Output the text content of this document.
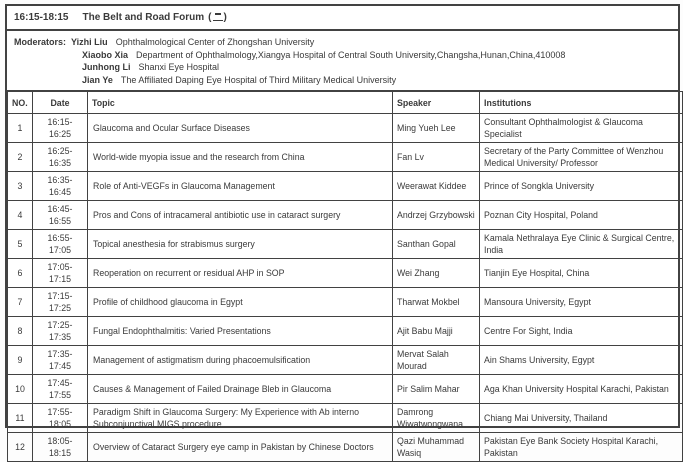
16:15-18:15 The Belt and Road Forum ( )
Moderators: Yizhi Liu Ophthalmological Center of Zhongshan University
Xiaobo Xia Department of Ophthalmology,Xiangya Hospital of Central South University,Changsha,Hunan,China,410008
Junhong Li Shanxi Eye Hospital
Jian Ye The Affiliated Daping Eye Hospital of Third Military Medical University
NO.	Date	Topic	Speaker	Institutions
1	16:15-16:25	Glaucoma and Ocular Surface Diseases	Ming Yueh Lee	Consultant Ophthalmologist & Glaucoma Specialist
2	16:25-16:35	World-wide myopia issue and the research from China	Fan Lv	Secretary of the Party Committee of Wenzhou Medical University/ Professor
3	16:35-16:45	Role of Anti-VEGFs in Glaucoma Management	Weerawat Kiddee	Prince of Songkla University
4	16:45-16:55	Pros and Cons of intracameral antibiotic use in cataract surgery	Andrzej Grzybowski	Poznan City Hospital, Poland
5	16:55-17:05	Topical anesthesia for strabismus surgery	Santhan Gopal	Kamala Nethralaya Eye Clinic & Surgical Centre, India
6	17:05-17:15	Reoperation on recurrent or residual AHP in SOP	Wei Zhang	Tianjin Eye Hospital, China
7	17:15-17:25	Profile of childhood glaucoma in Egypt	Tharwat Mokbel	Mansoura University, Egypt
8	17:25-17:35	Fungal Endophthalmitis: Varied Presentations	Ajit Babu Majji	Centre For Sight, India
9	17:35-17:45	Management of astigmatism during phacoemulsification	Mervat Salah Mourad	Ain Shams University, Egypt
10	17:45-17:55	Causes & Management of Failed Drainage Bleb in Glaucoma	Pir Salim Mahar	Aga Khan University Hospital Karachi, Pakistan
11	17:55-18:05	Paradigm Shift in Glaucoma Surgery: My Experience with Ab interno Subconjunctival MIGS procedure	Damrong Wiwatwongwana	Chiang Mai University, Thailand
12	18:05-18:15	Overview of Cataract Surgery eye camp in Pakistan by Chinese Doctors	Qazi Muhammad Wasiq	Pakistan Eye Bank Society Hospital Karachi, Pakistan
